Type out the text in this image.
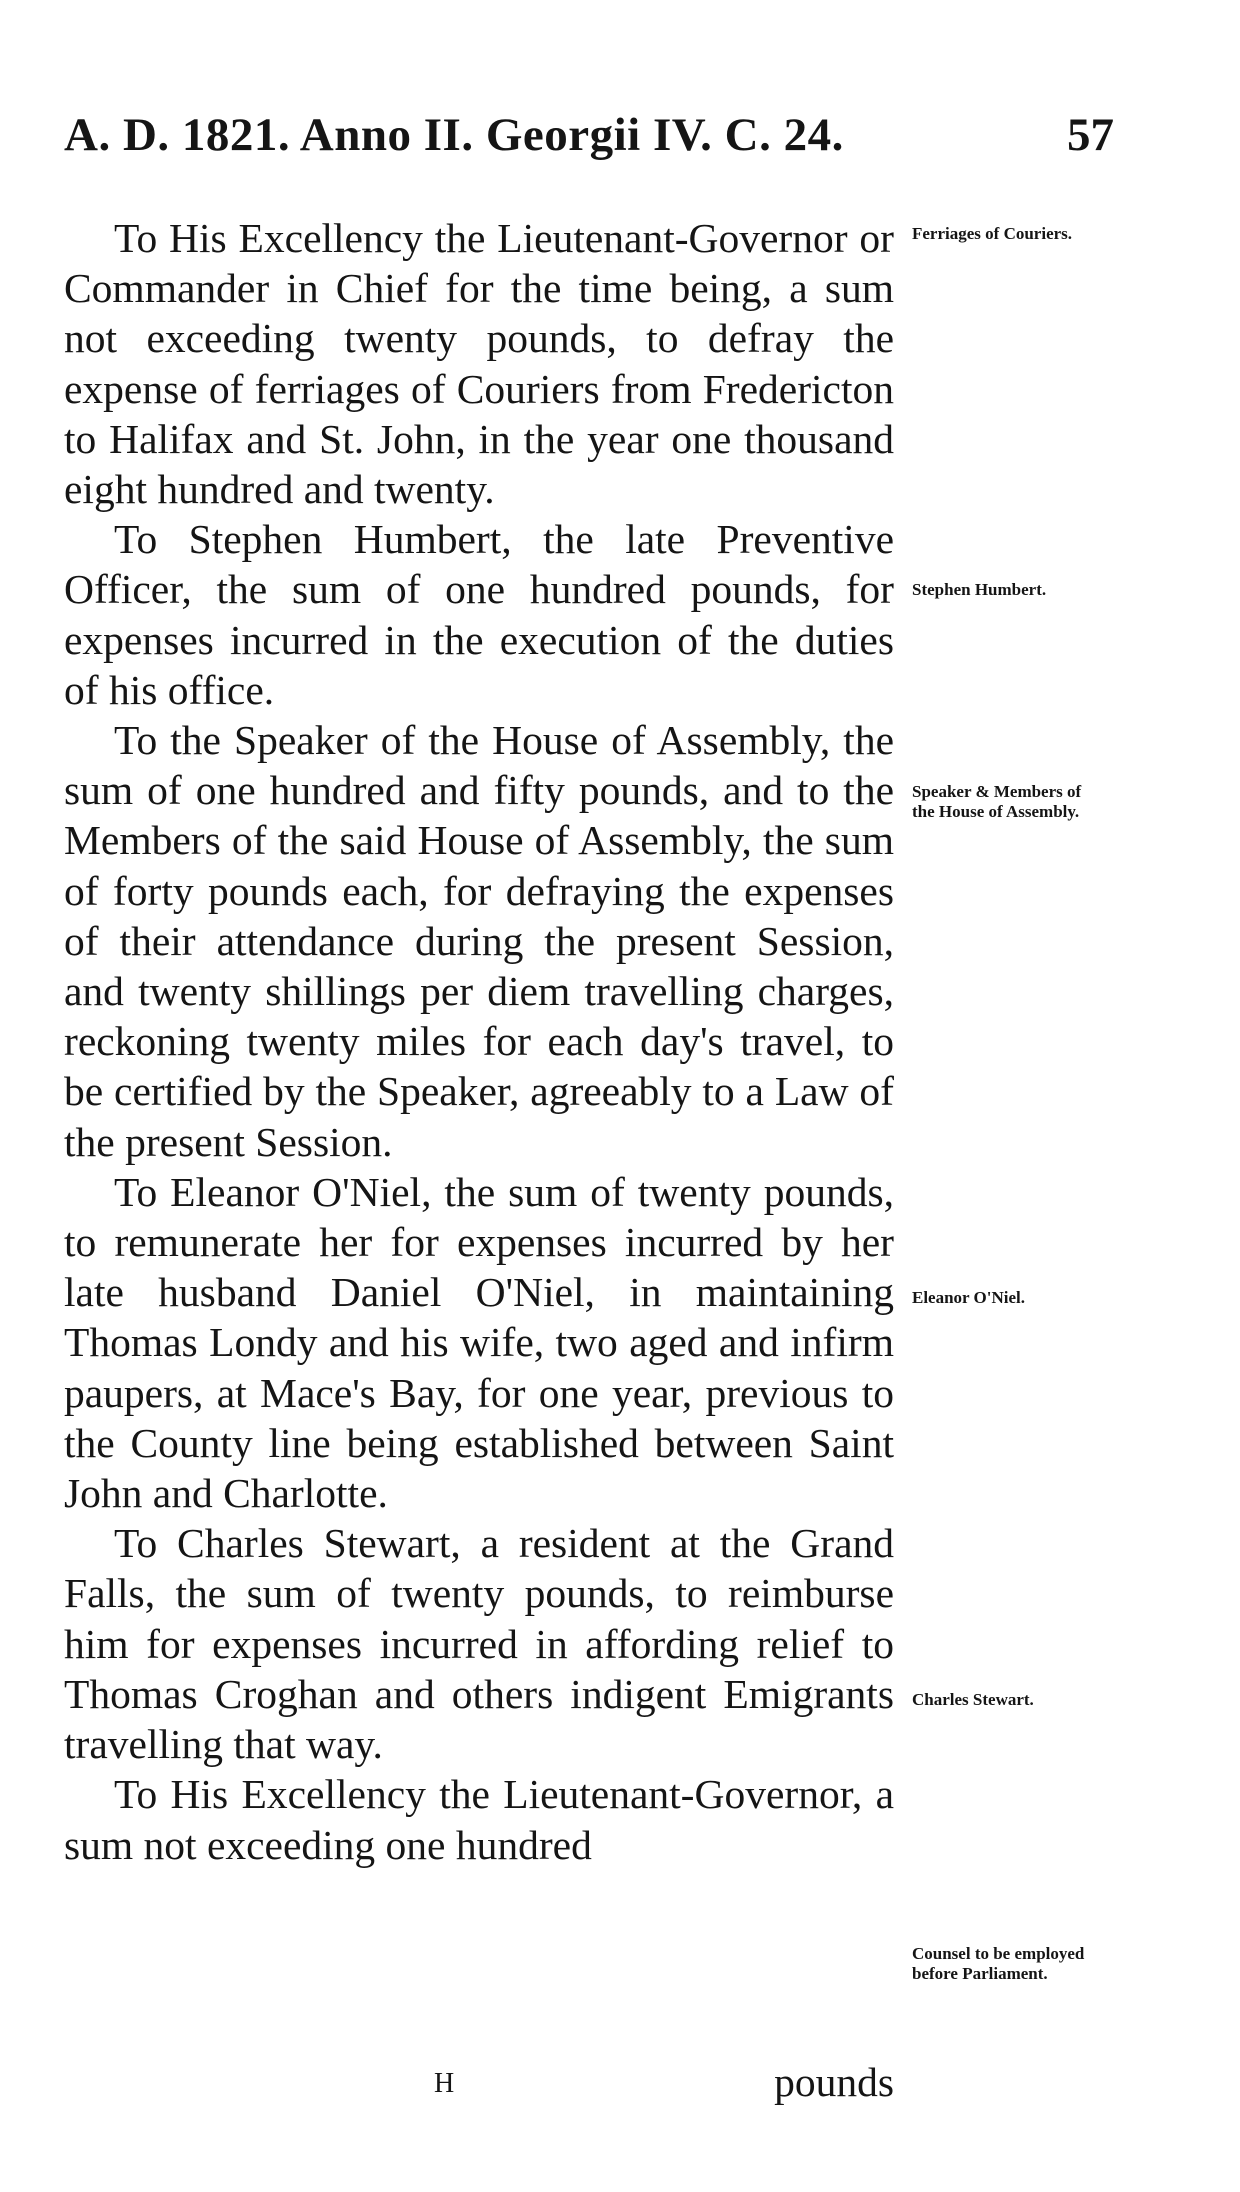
A. D. 1821. Anno II. Georgii IV. C. 24.	57

To His Excellency the Lieutenant-Governor or Commander in Chief for the time being, a sum not exceeding twenty pounds, to defray the expense of ferriages of Couriers from Fredericton to Halifax and St. John, in the year one thousand eight hundred and twenty.

To Stephen Humbert, the late Preventive Officer, the sum of one hundred pounds, for expenses incurred in the execution of the duties of his office.

To the Speaker of the House of Assembly, the sum of one hundred and fifty pounds, and to the Members of the said House of Assembly, the sum of forty pounds each, for defraying the expenses of their attendance during the present Session, and twenty shillings per diem travelling charges, reckoning twenty miles for each day's travel, to be certified by the Speaker, agreeably to a Law of the present Session.

To Eleanor O'Niel, the sum of twenty pounds, to remunerate her for expenses incurred by her late husband Daniel O'Niel, in maintaining Thomas Londy and his wife, two aged and infirm paupers, at Mace's Bay, for one year, previous to the County line being established between Saint John and Charlotte.

To Charles Stewart, a resident at the Grand Falls, the sum of twenty pounds, to reimburse him for expenses incurred in affording relief to Thomas Croghan and others indigent Emigrants travelling that way.

To His Excellency the Lieutenant-Governor, a sum not exceeding one hundred

Ferriages of Couriers.
Stephen Humbert.
Speaker & Members of the House of Assembly.
Eleanor O'Niel.
Charles Stewart.
Counsel to be employed before Parliament.
H	pounds
